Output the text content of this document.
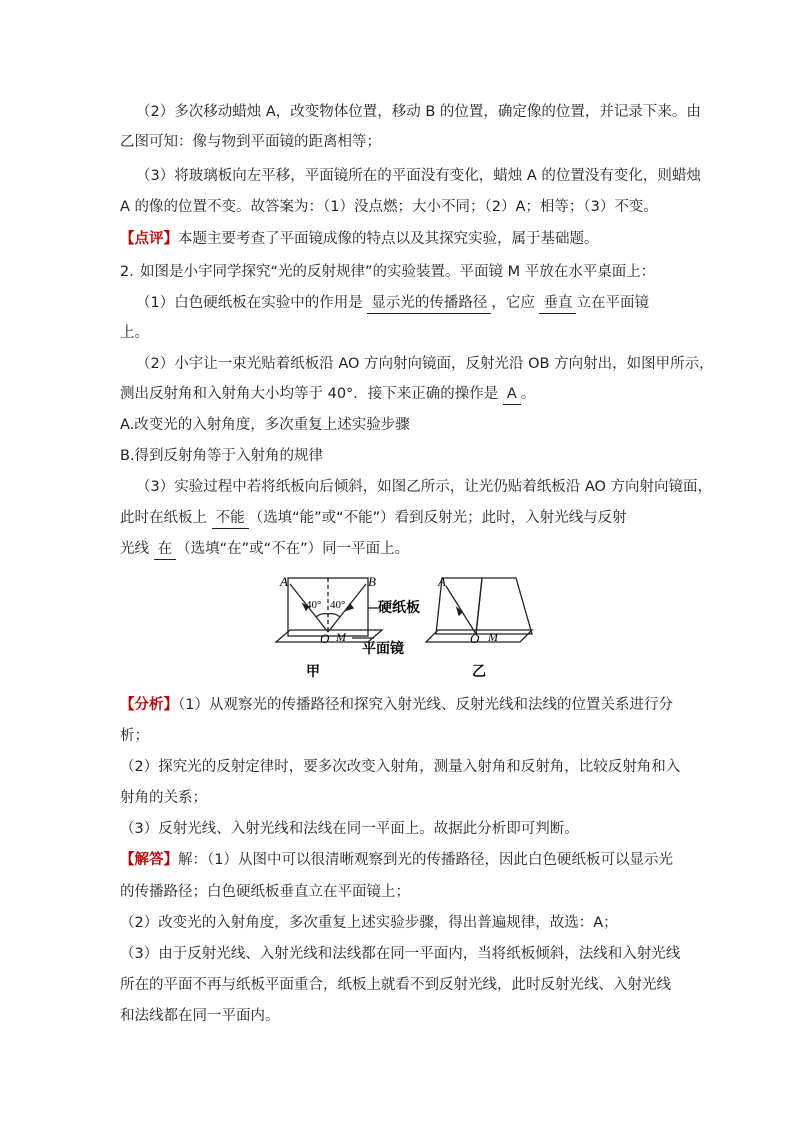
（2）多次移动蜡烛 A，改变物体位置，移动 B 的位置，确定像的位置，并记录下来。由
乙图可知：像与物到平面镜的距离相等；
（3）将玻璃板向左平移，平面镜所在的平面没有变化，蜡烛 A 的位置没有变化，则蜡烛
A 的像的位置不变。故答案为：（1）没点燃；大小不同；（2）A；相等；（3）不变。
【点评】本题主要考查了平面镜成像的特点以及其探究实验，属于基础题。
2．
如图是小宇同学探究“光的反射规律”的实验装置。平面镜 M 平放在水平桌面上：
（1）白色硬纸板在实验中的作用是 显示光的传播路径 ，它应 垂直 立在平面镜
上。
（2）小宇让一束光贴着纸板沿 AO 方向射向镜面，反射光沿 OB 方向射出，如图甲所示，
测出反射角和入射角大小均等于 40°．接下来正确的操作是 A 。
A.改变光的入射角度，多次重复上述实验步骤
B.得到反射角等于入射角的规律
（3）实验过程中若将纸板向后倾斜，如图乙所示，让光仍贴着纸板沿 AO 方向射向镜面，
此时在纸板上 不能 （选填“能”或“不能”）看到反射光；此时，入射光线与反射
光线 在 （选填“在”或“不在”）同一平面上。
A	B
40° 40°
O M
硬纸板
平面镜
甲
A
O M
乙
【分析】（1）从观察光的传播路径和探究入射光线、反射光线和法线的位置关系进行分
析；
（2）探究光的反射定律时，要多次改变入射角，测量入射角和反射角，比较反射角和入
射角的关系；
（3）反射光线、入射光线和法线在同一平面上。故据此分析即可判断。
【解答】解：（1）从图中可以很清晰观察到光的传播路径，因此白色硬纸板可以显示光
的传播路径；白色硬纸板垂直立在平面镜上；
（2）改变光的入射角度，多次重复上述实验步骤，得出普遍规律，故选：A；
（3）由于反射光线、入射光线和法线都在同一平面内，当将纸板倾斜，法线和入射光线
所在的平面不再与纸板平面重合，纸板上就看不到反射光线，此时反射光线、入射光线
和法线都在同一平面内。
